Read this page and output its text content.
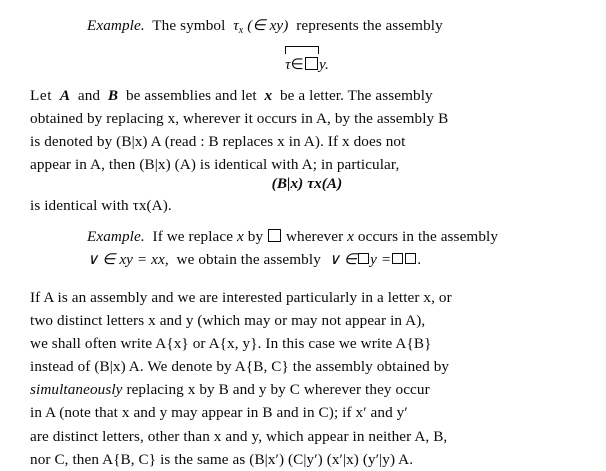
Example. The symbol $\tau_x$ (∈ xy) represents the assembly

τ∈ y.

Let A and B be assemblies and let x be a letter. The assembly

obtained by replacing x, wherever it occurs in A, by the assembly B

is denoted by (B|x) A (read : B replaces x in A). If x does not

appear in A, then (B|x) (A) is identical with A; in particular,

(B|x) τx(A)

is identical with τx(A).

Example. If we replace x by wherever x occurs in the assembly

∨ ∈ xy = xx, we obtain the assembly ∨ ∈ y = .

If A is an assembly and we are interested particularly in a letter x, or

two distinct letters x and y (which may or may not appear in A),

we shall often write A{x} or A{x, y}. In this case we write A{B}

instead of (B|x) A. We denote by A{B, C} the assembly obtained by

simultaneously replacing x by B and y by C wherever they occur

in A (note that x and y may appear in B and in C); if x′ and y′

are distinct letters, other than x and y, which appear in neither A, B,

nor C, then A{B, C} is the same as (B|x′) (C|y′) (x′|x) (y′|y) A.
